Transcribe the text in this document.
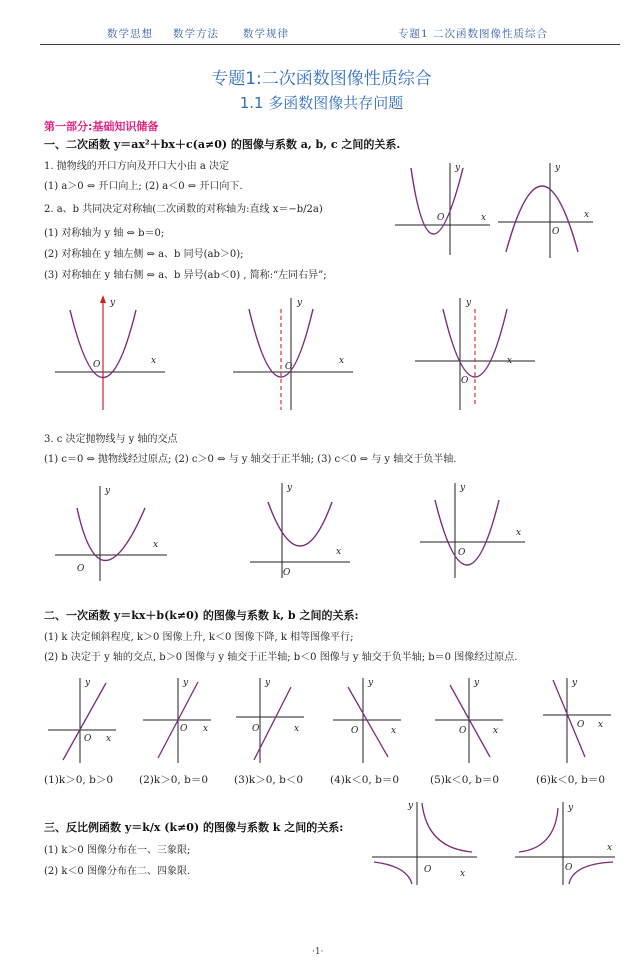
数学思想 数学方法 数学规律	专题1 二次函数图像性质综合
专题1:二次函数图像性质综合
1.1 多函数图像共存问题
第一部分:基础知识储备
一、二次函数 y＝ax²＋bx＋c(a≠0) 的图像与系数 a, b, c 之间的关系.
1. 抛物线的开口方向及开口大小由 a 决定
(1) a＞0 ⇔ 开口向上; (2) a＜0 ⇔ 开口向下.
2. a、b 共同决定对称轴(二次函数的对称轴为:直线 x＝−b/2a)
(1) 对称轴为 y 轴 ⇔ b＝0;
(2) 对称轴在 y 轴左侧 ⇔ a、b 同号(ab＞0);
(3) 对称轴在 y 轴右侧 ⇔ a、b 异号(ab＜0) , 简称:“左同右异”;
y
x
O
y
x
O
y
x
O
y
x
O
y
x
O
3. c 决定抛物线与 y 轴的交点
(1) c＝0 ⇔ 抛物线经过原点; (2) c＞0 ⇔ 与 y 轴交于正半轴; (3) c＜0 ⇔ 与 y 轴交于负半轴.
y
x
O
y
x
O
y
x
O
二、一次函数 y＝kx＋b(k≠0) 的图像与系数 k, b 之间的关系:
(1) k 决定倾斜程度, k＞0 图像上升, k＜0 图像下降, k 相等图像平行;
(2) b 决定于 y 轴的交点, b＞0 图像与 y 轴交于正半轴; b＜0 图像与 y 轴交于负半轴; b＝0 图像经过原点.
y
x
O
y
x
O
y
x
O
y
x
O
y
x
O
y
x
O
(1)k＞0, b＞0 (2)k＞0, b＝0 (3)k＞0, b＜0	(4)k＜0, b＝0	(5)k＜0, b＝0	(6)k＜0, b＝0
三、反比例函数 y＝k/x (k≠0) 的图像与系数 k 之间的关系:
(1) k＞0 图像分布在一、三象限;
(2) k＜0 图像分布在二、四象限.
y
x
O
y
x
O
·1·
